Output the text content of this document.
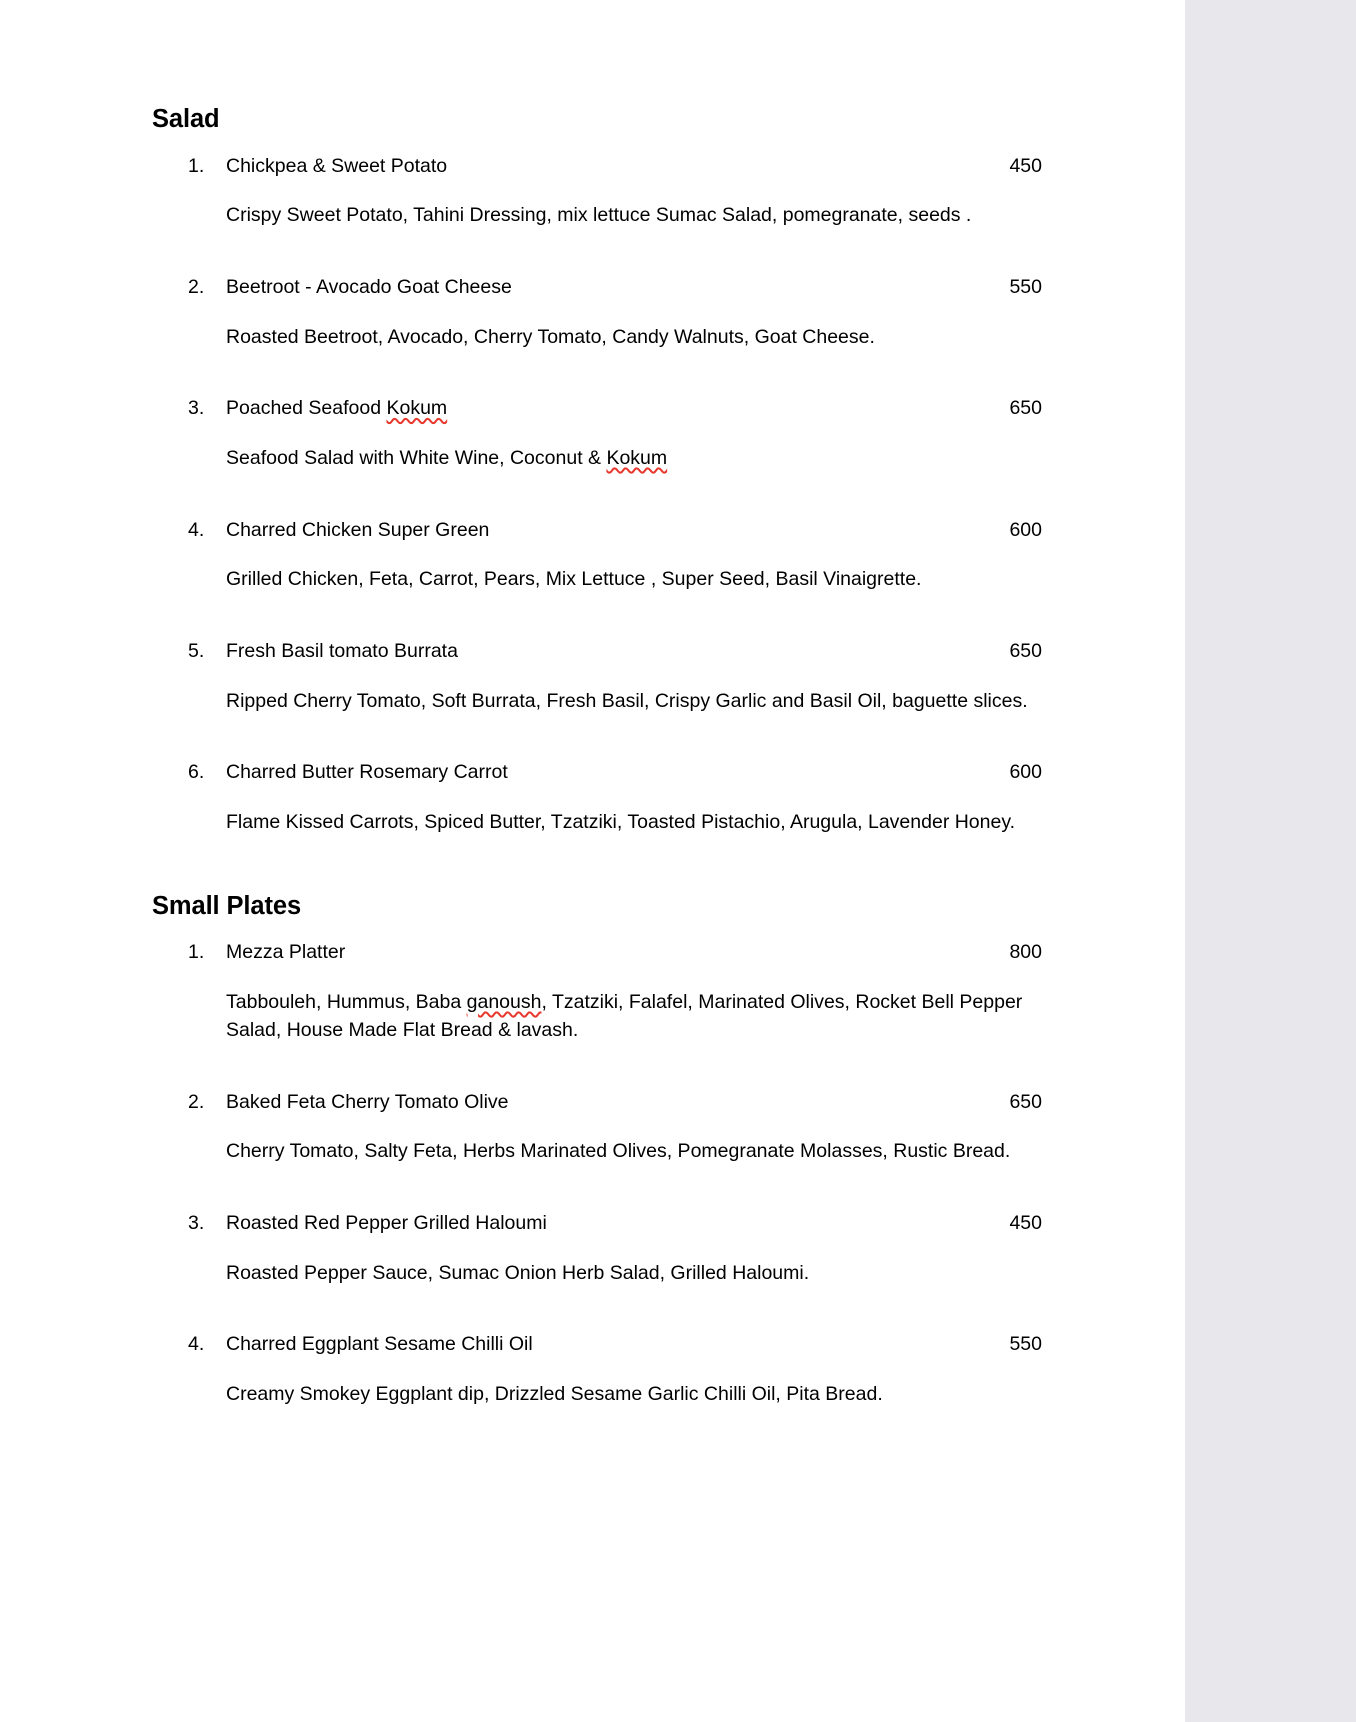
Salad
1.	Chickpea & Sweet Potato	450
Crispy Sweet Potato, Tahini Dressing, mix lettuce Sumac Salad, pomegranate, seeds .
2.	Beetroot - Avocado Goat Cheese	550
Roasted Beetroot, Avocado, Cherry Tomato, Candy Walnuts, Goat Cheese.
3.	Poached Seafood Kokum	650
Seafood Salad with White Wine, Coconut & Kokum
4.	Charred Chicken Super Green	600
Grilled Chicken, Feta, Carrot, Pears, Mix Lettuce , Super Seed, Basil Vinaigrette.
5.	Fresh Basil tomato Burrata	650
Ripped Cherry Tomato, Soft Burrata, Fresh Basil, Crispy Garlic and Basil Oil, baguette slices.
6.	Charred Butter Rosemary Carrot	600
Flame Kissed Carrots, Spiced Butter, Tzatziki, Toasted Pistachio, Arugula, Lavender Honey.
Small Plates
1.	Mezza Platter	800
Tabbouleh, Hummus, Baba ganoush, Tzatziki, Falafel, Marinated Olives, Rocket Bell Pepper Salad, House Made Flat Bread & lavash.
2.	Baked Feta Cherry Tomato Olive	650
Cherry Tomato, Salty Feta, Herbs Marinated Olives, Pomegranate Molasses, Rustic Bread.
3.	Roasted Red Pepper Grilled Haloumi	450
Roasted Pepper Sauce, Sumac Onion Herb Salad, Grilled Haloumi.
4.	Charred Eggplant Sesame Chilli Oil	550
Creamy Smokey Eggplant dip, Drizzled Sesame Garlic Chilli Oil, Pita Bread.
